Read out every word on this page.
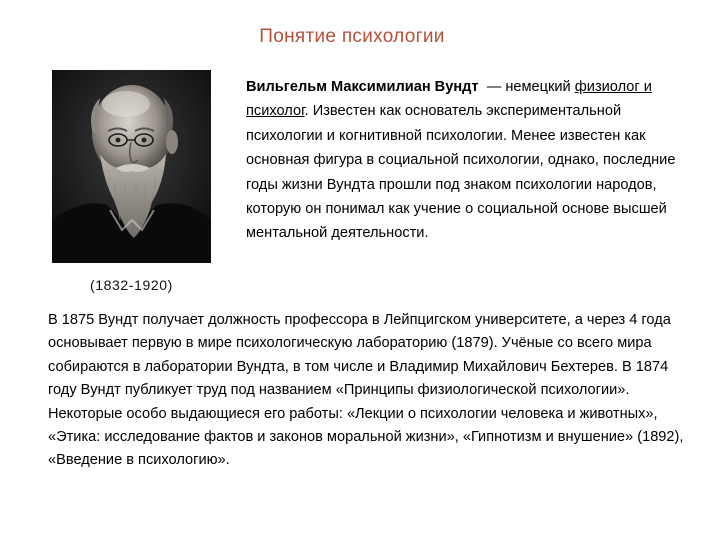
Понятие психологии
(1832-1920)
Вильгельм Максимилиан Вундт — немецкий физиолог и психолог. Известен как основатель экспериментальной психологии и когнитивной психологии. Менее известен как основная фигура в социальной психологии, однако, последние годы жизни Вундта прошли под знаком психологии народов, которую он понимал как учение о социальной основе высшей ментальной деятельности.
В 1875 Вундт получает должность профессора в Лейпцигском университете, а через 4 года основывает первую в мире психологическую лабораторию (1879). Учёные со всего мира собираются в лаборатории Вундта, в том числе и Владимир Михайлович Бехтерев. В 1874 году Вундт публикует труд под названием «Принципы физиологической психологии». Некоторые особо выдающиеся его работы: «Лекции о психологии человека и животных», «Этика: исследование фактов и законов моральной жизни», «Гипнотизм и внушение» (1892), «Введение в психологию».
